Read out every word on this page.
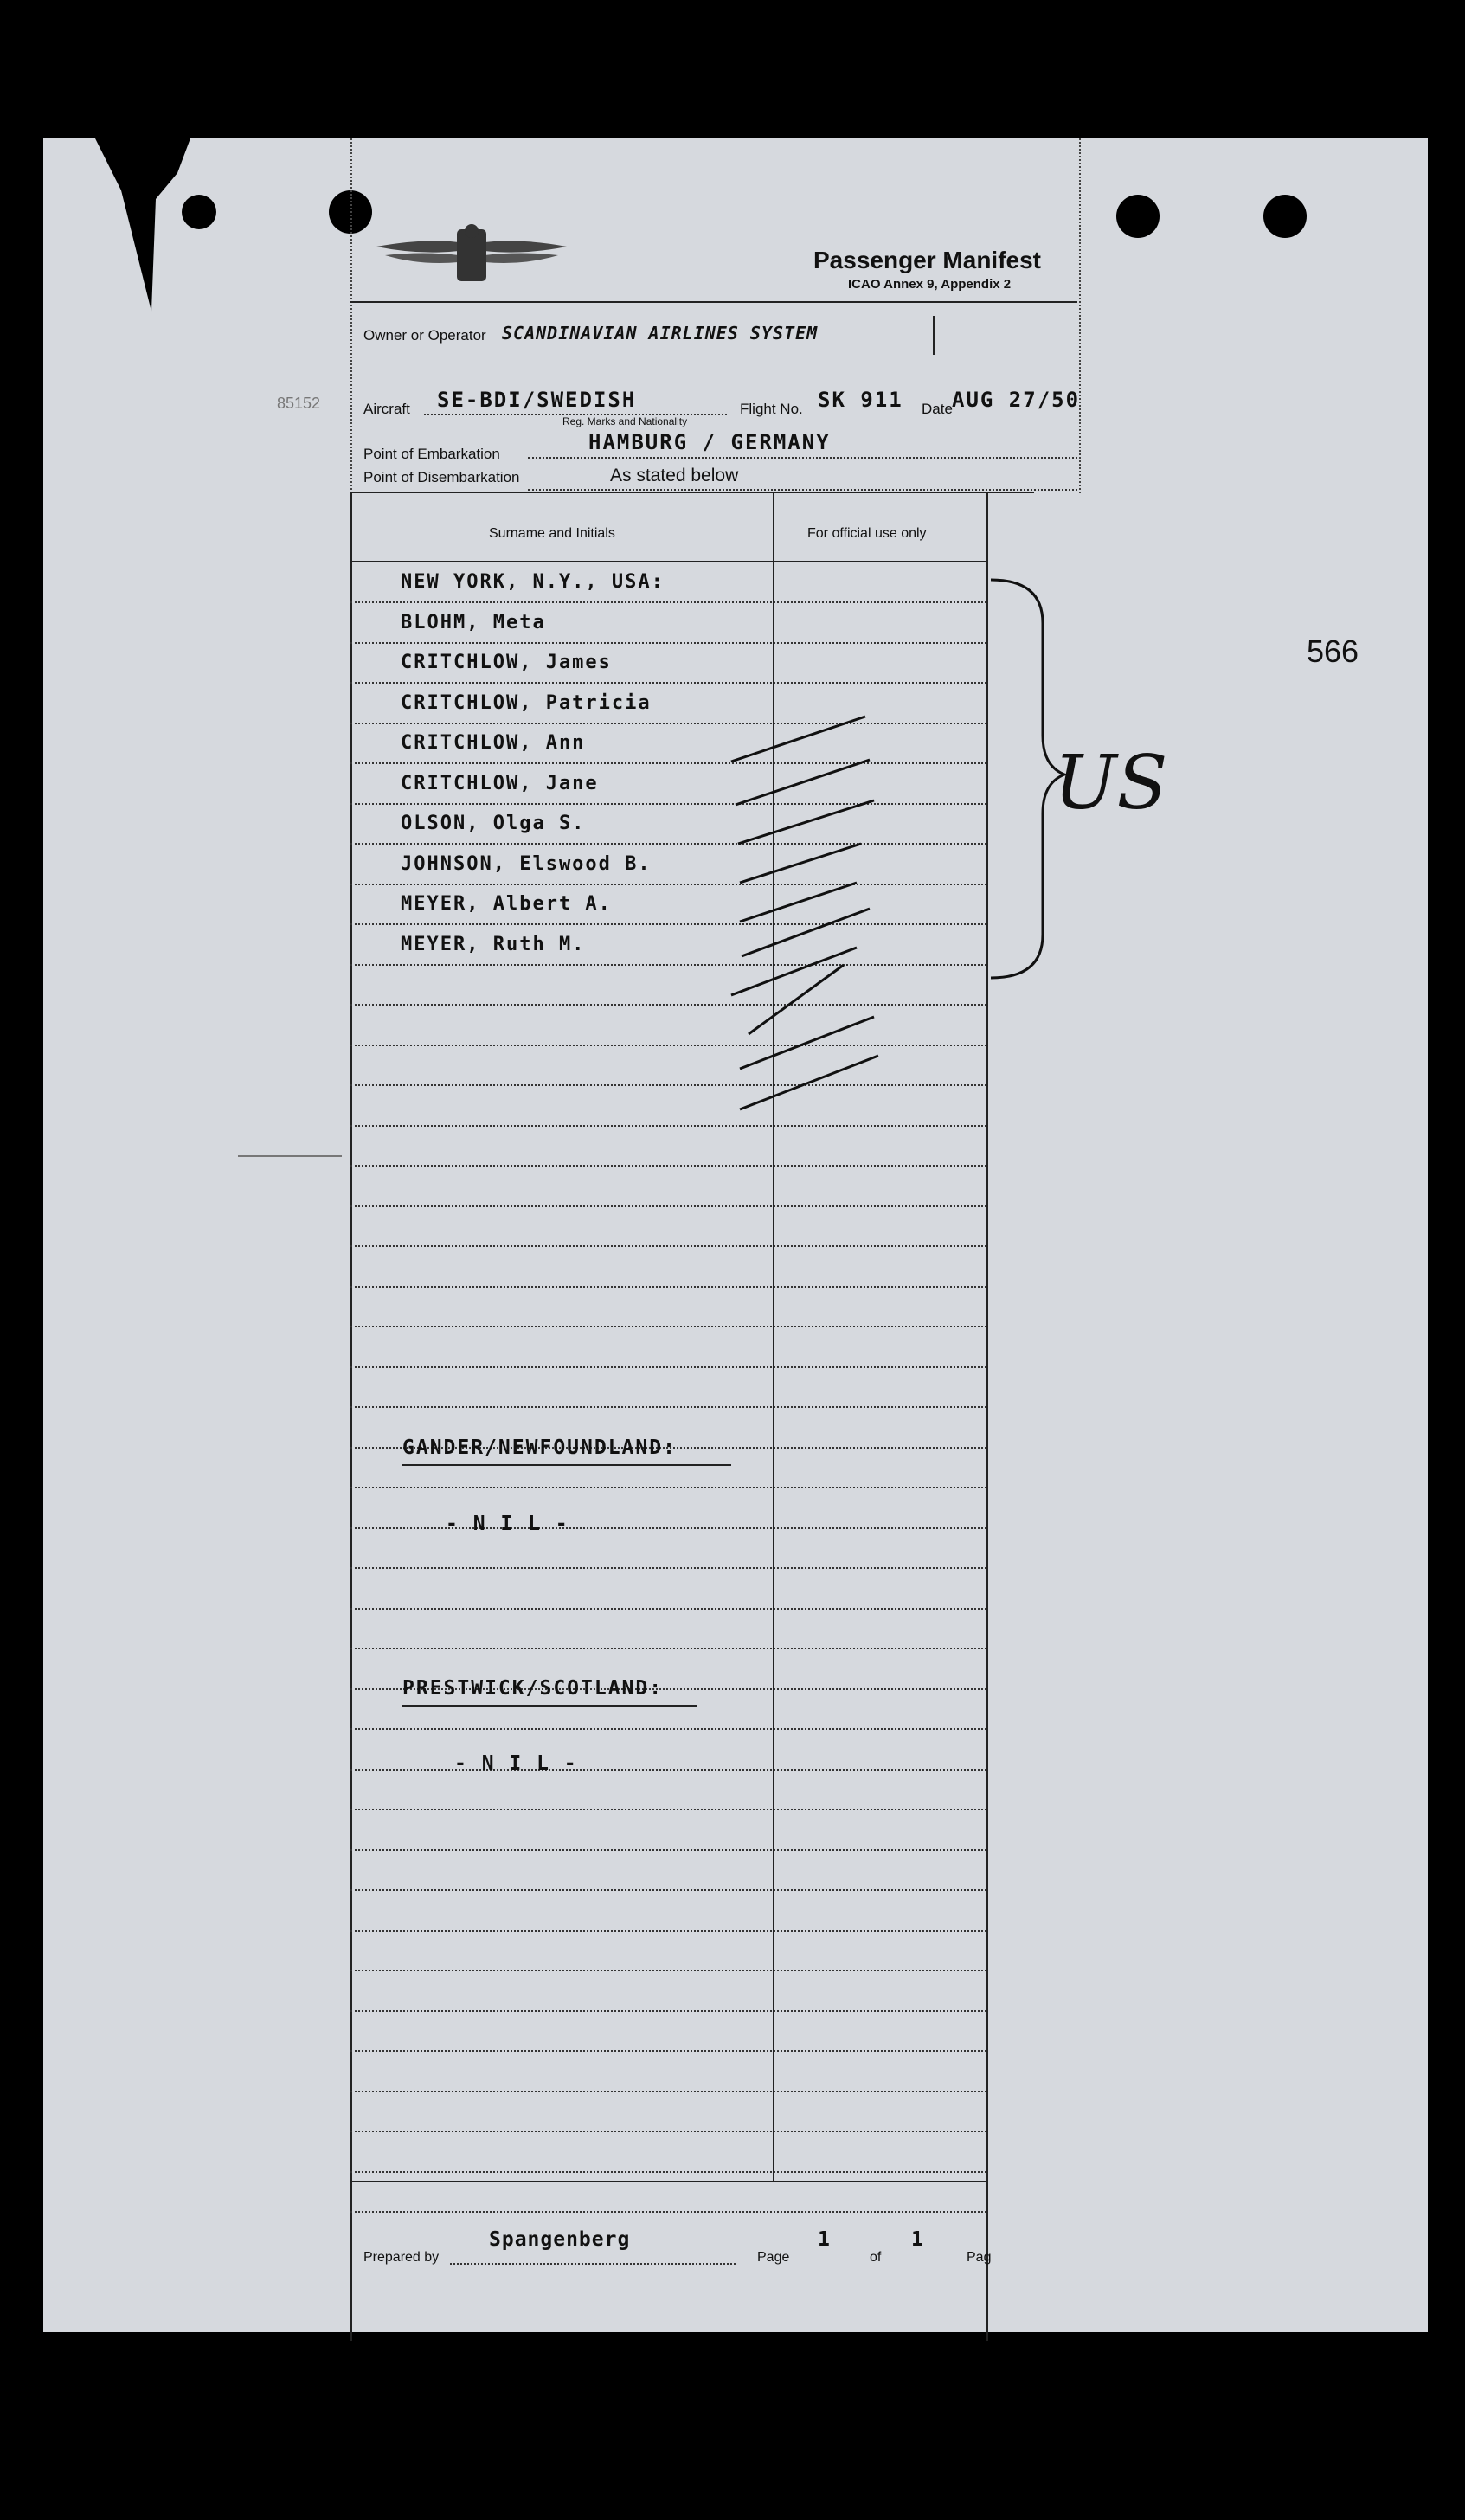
Passenger Manifest
ICAO Annex 9, Appendix 2
Owner or Operator SCANDINAVIAN AIRLINES SYSTEM
Aircraft SE-BDI/SWEDISH
Reg. Marks and Nationality
Flight No. SK 911 Date AUG 27/50
Point of Embarkation	HAMBURG / GERMANY
Point of Disembarkation	As stated below
85152
Surname and Initials	For official use only
NEW YORK, N.Y., USA:
BLOHM, Meta
CRITCHLOW, James
CRITCHLOW, Patricia
CRITCHLOW, Ann
CRITCHLOW, Jane
OLSON, Olga S.
JOHNSON, Elswood B.
MEYER, Albert A.
MEYER, Ruth M.
GANDER/NEWFOUNDLAND:
- N I L -
PRESTWICK/SCOTLAND:
- N I L -
Prepared by
Spangenberg
Page
1
of
1
Pag
US
566
